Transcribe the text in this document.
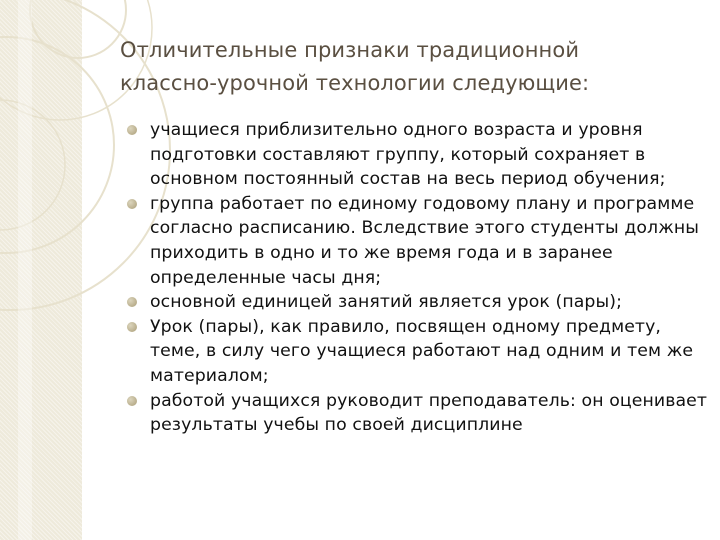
Отличительные признаки традиционной классно-урочной технологии следующие:
учащиеся приблизительно одного возраста и уровня подготовки составляют группу, который сохраняет в основном постоянный состав на весь период обучения;
группа работает по единому годовому плану и программе согласно расписанию. Вследствие этого студенты должны приходить в одно и то же время года и в заранее определенные часы дня;
основной единицей занятий является урок (пары);
Урок (пары), как правило, посвящен одному предмету, теме, в силу чего учащиеся работают над одним и тем же материалом;
работой учащихся руководит преподаватель: он оценивает результаты учебы по своей дисциплине
